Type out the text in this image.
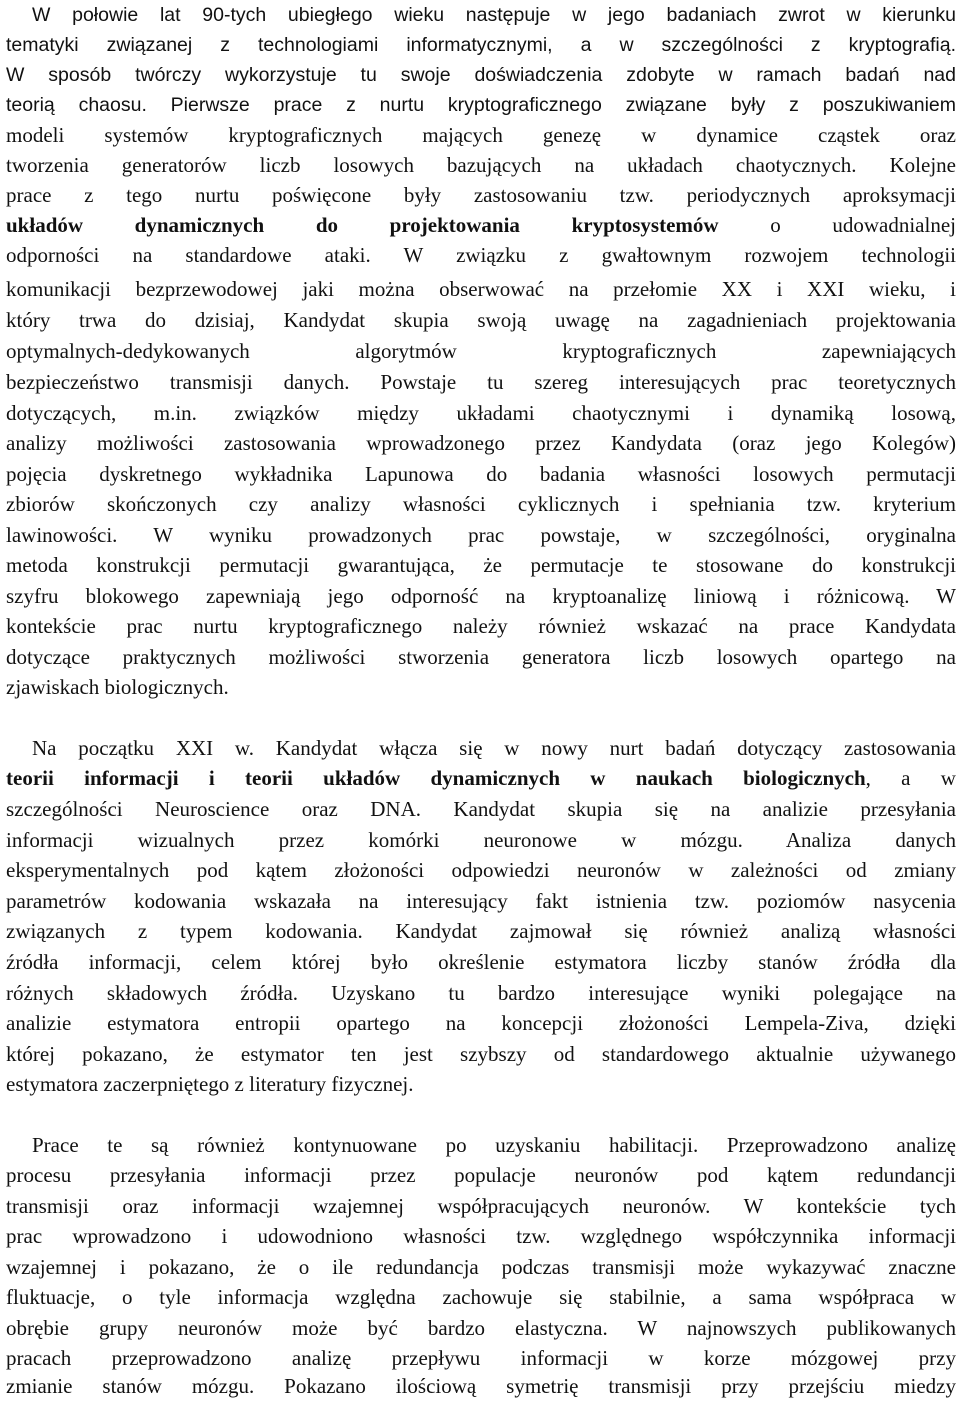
W połowie lat 90-tych ubiegłego wieku następuje w jego badaniach zwrot w kierunku
tematyki związanej z technologiami informatycznymi, a w szczególności z kryptografią.
W sposób twórczy wykorzystuje tu swoje doświadczenia zdobyte w ramach badań nad
teorią chaosu. Pierwsze prace z nurtu kryptograficznego związane były z poszukiwaniem
modeli systemów kryptograficznych mających genezę w dynamice cząstek oraz
tworzenia generatorów liczb losowych bazujących na układach chaotycznych. Kolejne
prace z tego nurtu poświęcone były zastosowaniu tzw. periodycznych aproksymacji
układów dynamicznych do projektowania kryptosystemów o udowadnialnej
odporności na standardowe ataki. W związku z gwałtownym rozwojem technologii
komunikacji bezprzewodowej jaki można obserwować na przełomie XX i XXI wieku, i
który trwa do dzisiaj, Kandydat skupia swoją uwagę na zagadnieniach projektowania
optymalnych-dedykowanych algorytmów kryptograficznych zapewniających
bezpieczeństwo transmisji danych. Powstaje tu szereg interesujących prac teoretycznych
dotyczących, m.in. związków między układami chaotycznymi i dynamiką losową,
analizy możliwości zastosowania wprowadzonego przez Kandydata (oraz jego Kolegów)
pojęcia dyskretnego wykładnika Lapunowa do badania własności losowych permutacji
zbiorów skończonych czy analizy własności cyklicznych i spełniania tzw. kryterium
lawinowości. W wyniku prowadzonych prac powstaje, w szczególności, oryginalna
metoda konstrukcji permutacji gwarantująca, że permutacje te stosowane do konstrukcji
szyfru blokowego zapewniają jego odporność na kryptoanalizę liniową i różnicową. W
kontekście prac nurtu kryptograficznego należy również wskazać na prace Kandydata
dotyczące praktycznych możliwości stworzenia generatora liczb losowych opartego na
zjawiskach biologicznych.
Na początku XXI w. Kandydat włącza się w nowy nurt badań dotyczący zastosowania
teorii informacji i teorii układów dynamicznych w naukach biologicznych, a w
szczególności Neuroscience oraz DNA. Kandydat skupia się na analizie przesyłania
informacji wizualnych przez komórki neuronowe w mózgu. Analiza danych
eksperymentalnych pod kątem złożoności odpowiedzi neuronów w zależności od zmiany
parametrów kodowania wskazała na interesujący fakt istnienia tzw. poziomów nasycenia
związanych z typem kodowania. Kandydat zajmował się również analizą własności
źródła informacji, celem której było określenie estymatora liczby stanów źródła dla
różnych składowych źródła. Uzyskano tu bardzo interesujące wyniki polegające na
analizie estymatora entropii opartego na koncepcji złożoności Lempela-Ziva, dzięki
której pokazano, że estymator ten jest szybszy od standardowego aktualnie używanego
estymatora zaczerpniętego z literatury fizycznej.
Prace te są również kontynuowane po uzyskaniu habilitacji. Przeprowadzono analizę
procesu przesyłania informacji przez populacje neuronów pod kątem redundancji
transmisji oraz informacji wzajemnej współpracujących neuronów. W kontekście tych
prac wprowadzono i udowodniono własności tzw. względnego współczynnika informacji
wzajemnej i pokazano, że o ile redundancja podczas transmisji może wykazywać znaczne
fluktuacje, o tyle informacja względna zachowuje się stabilnie, a sama współpraca w
obrębie grupy neuronów może być bardzo elastyczna. W najnowszych publikowanych
pracach przeprowadzono analizę przepływu informacji w korze mózgowej przy
zmianie stanów mózgu. Pokazano ilościową symetrię transmisji przy przejściu miedzy
